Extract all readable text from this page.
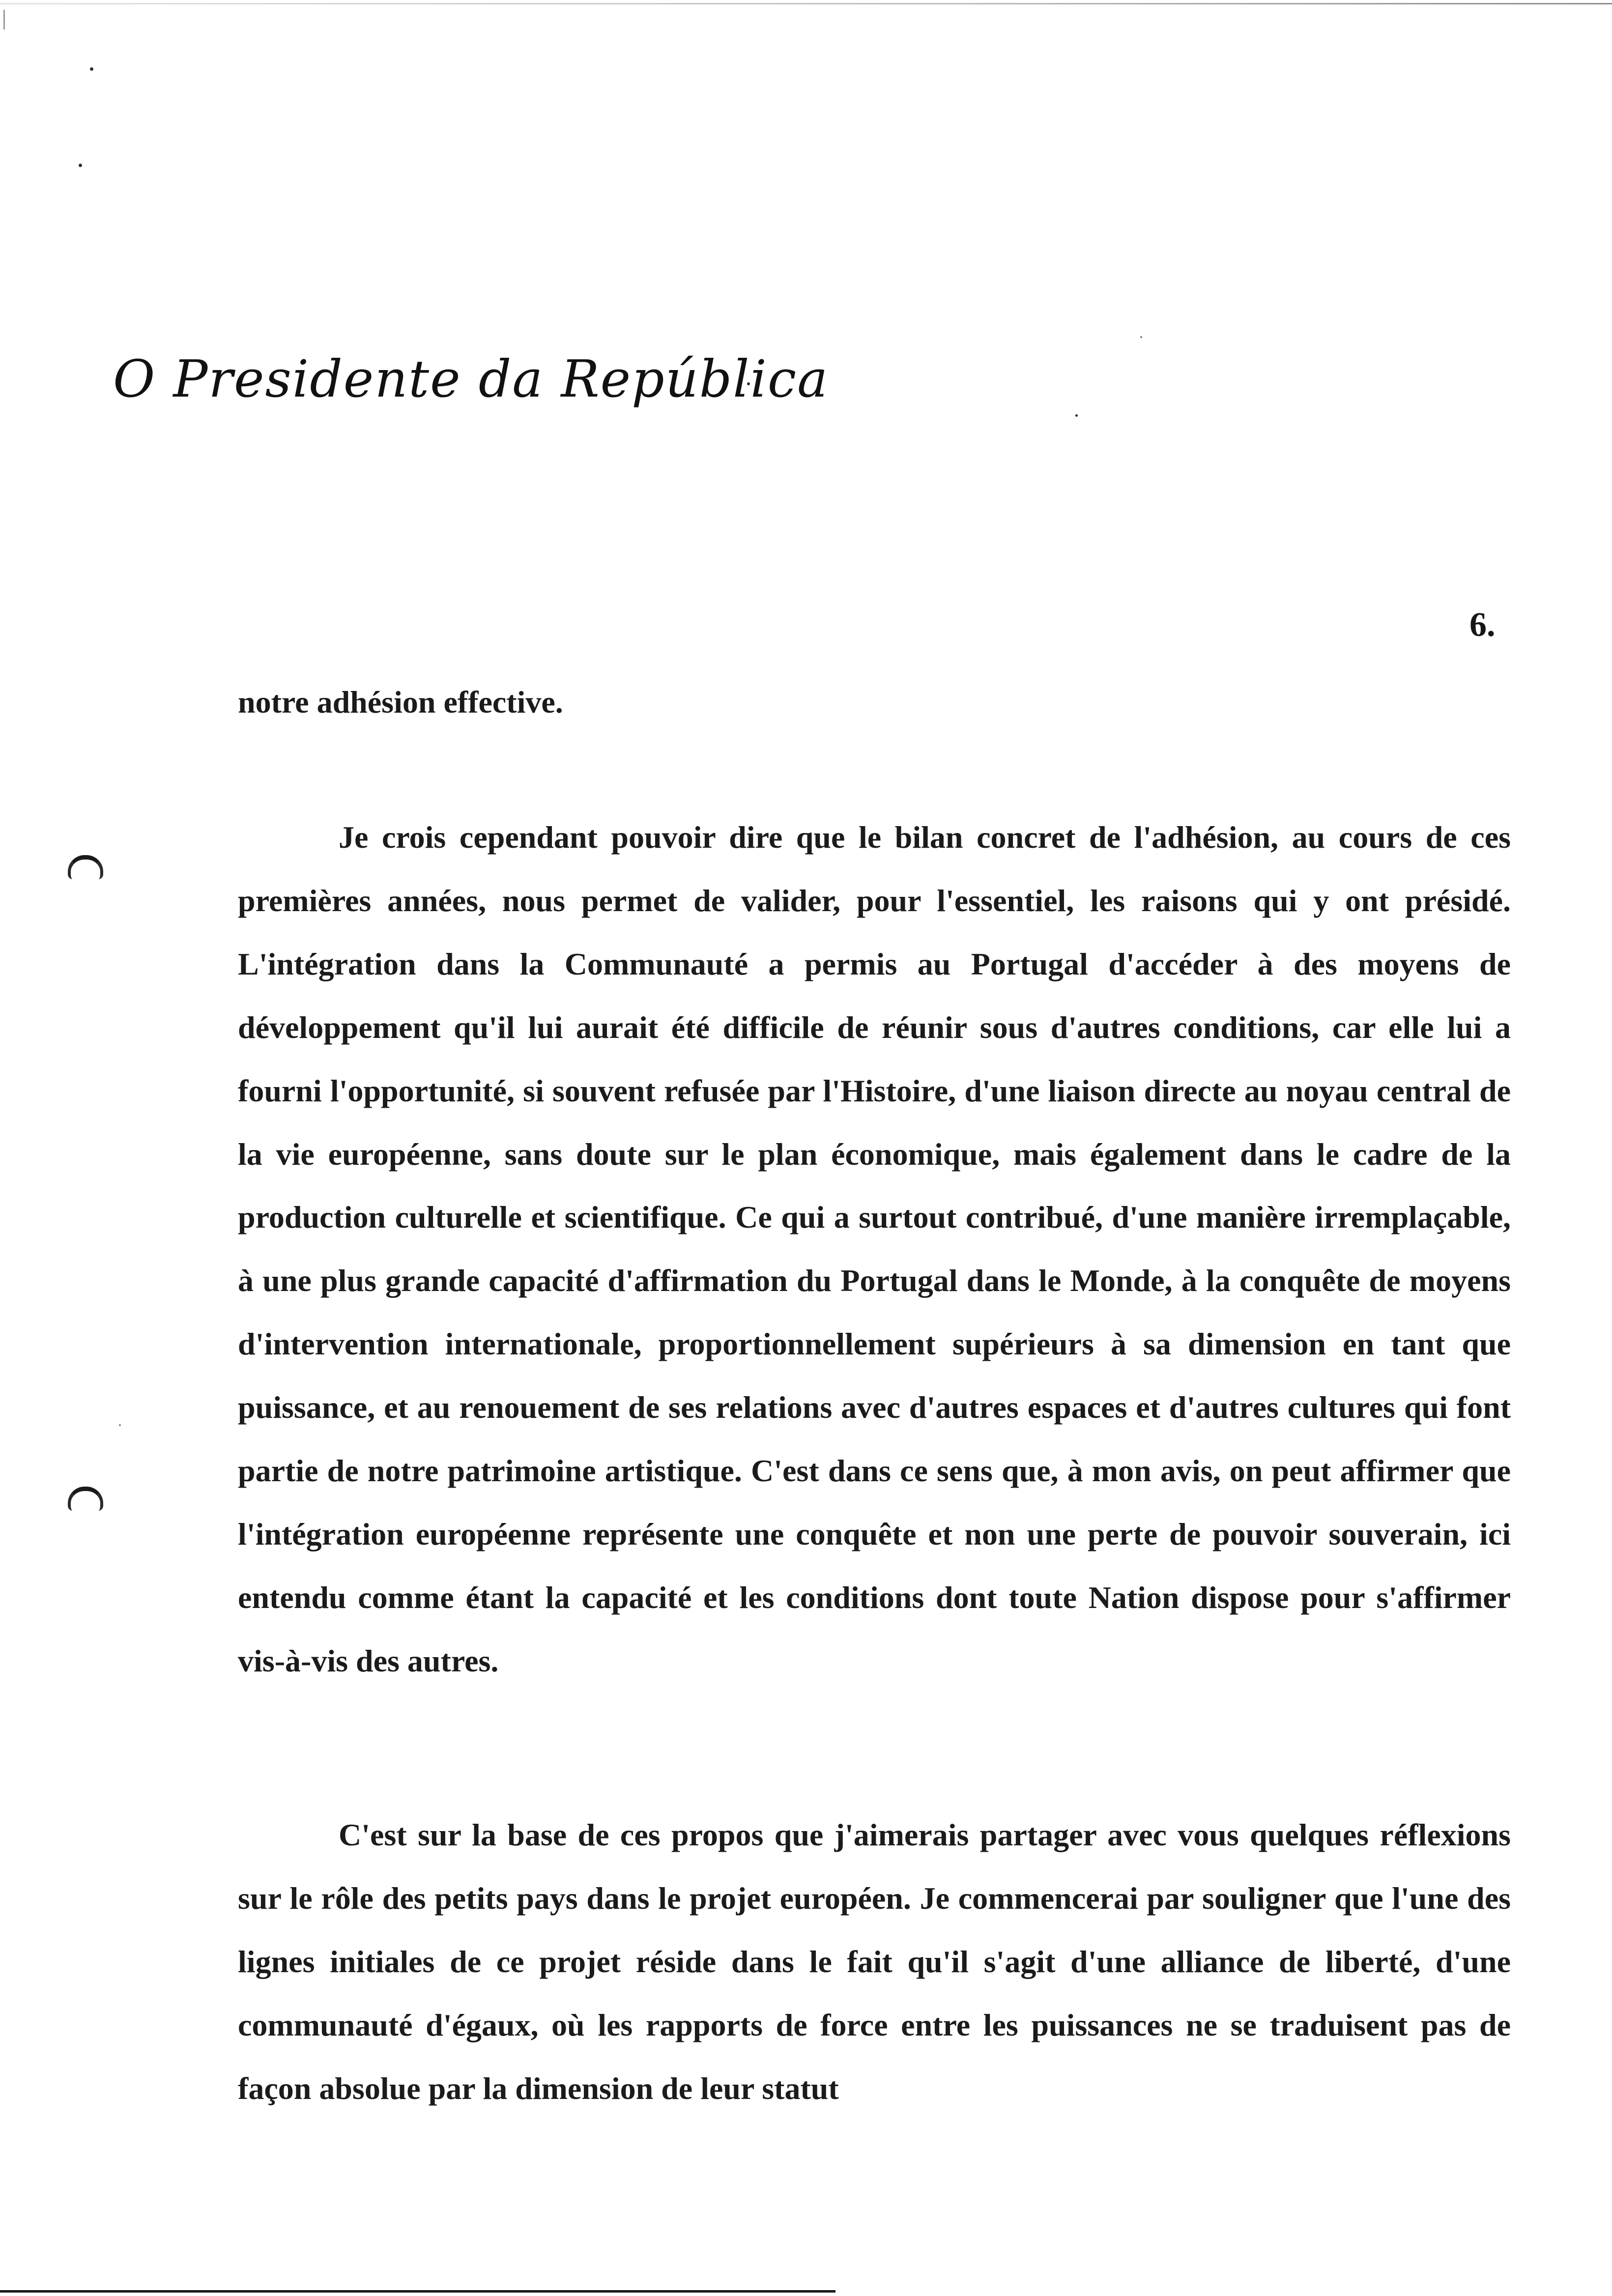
O Presidente da República
6.

notre adhésion effective.

Je crois cependant pouvoir dire que le bilan concret de l'adhésion, au cours de ces premières années, nous permet de valider, pour l'essentiel, les raisons qui y ont présidé. L'intégration dans la Communauté a permis au Portugal d'accéder à des moyens de développement qu'il lui aurait été difficile de réunir sous d'autres conditions, car elle lui a fourni l'opportunité, si souvent refusée par l'Histoire, d'une liaison directe au noyau central de la vie européenne, sans doute sur le plan économique, mais également dans le cadre de la production culturelle et scientifique. Ce qui a surtout contribué, d'une manière irremplaçable, à une plus grande capacité d'affirmation du Portugal dans le Monde, à la conquête de moyens d'intervention internationale, proportionnellement supérieurs à sa dimension en tant que puissance, et au renouement de ses relations avec d'autres espaces et d'autres cultures qui font partie de notre patrimoine artistique. C'est dans ce sens que, à mon avis, on peut affirmer que l'intégration européenne représente une conquête et non une perte de pouvoir souverain, ici entendu comme étant la capacité et les conditions dont toute Nation dispose pour s'affirmer vis-à-vis des autres.

C'est sur la base de ces propos que j'aimerais partager avec vous quelques réflexions sur le rôle des petits pays dans le projet européen. Je commencerai par souligner que l'une des lignes initiales de ce projet réside dans le fait qu'il s'agit d'une alliance de liberté, d'une communauté d'égaux, où les rapports de force entre les puissances ne se traduisent pas de façon absolue par la dimension de leur statut
